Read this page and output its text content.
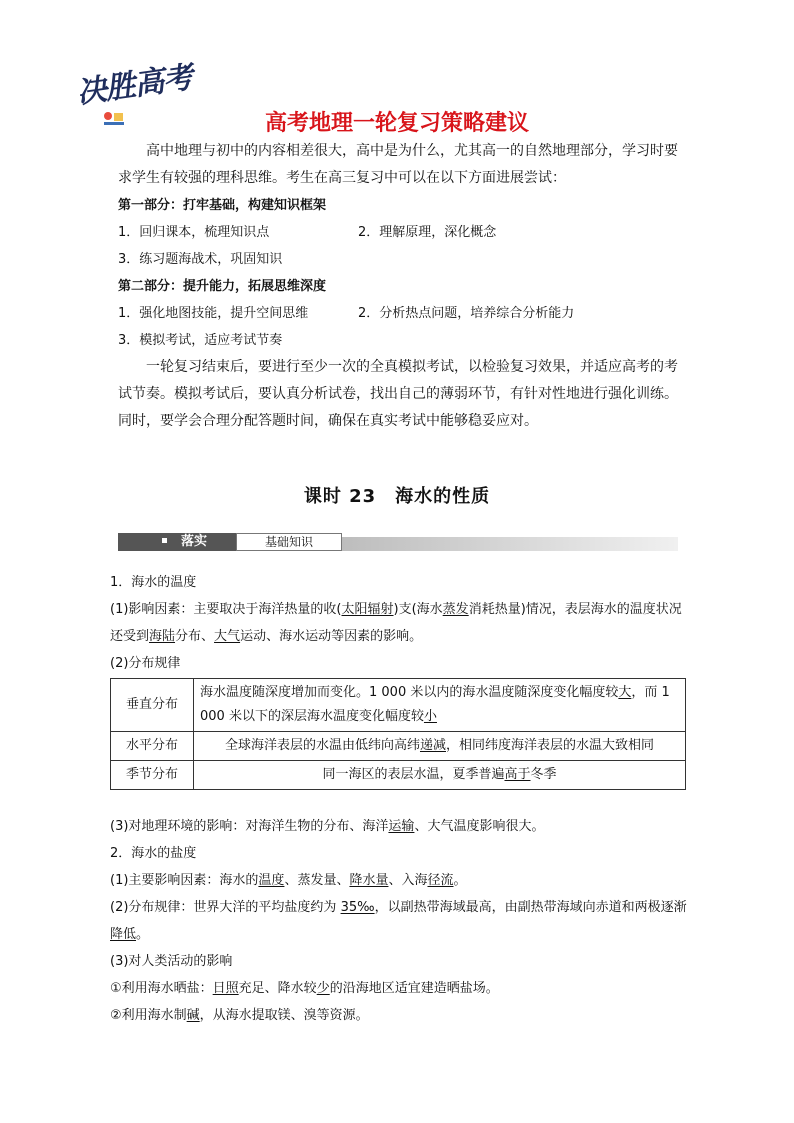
决胜高考
高考地理一轮复习策略建议

高中地理与初中的内容相差很大，高中是为什么，尤其高一的自然地理部分，学习时要求学生有较强的理科思维。考生在高三复习中可以在以下方面进展尝试：

第一部分：打牢基础，构建知识框架

1．回归课本，梳理知识点	2．理解原理，深化概念

3．练习题海战术，巩固知识

第二部分：提升能力，拓展思维深度

1．强化地图技能，提升空间思维	2．分析热点问题，培养综合分析能力

3．模拟考试，适应考试节奏

一轮复习结束后，要进行至少一次的全真模拟考试，以检验复习效果，并适应高考的考试节奏。模拟考试后，要认真分析试卷，找出自己的薄弱环节，有针对性地进行强化训练。同时，要学会合理分配答题时间，确保在真实考试中能够稳妥应对。

课时 23　海水的性质
落实	基础知识

1．海水的温度

(1)影响因素：主要取决于海洋热量的收(太阳辐射)支(海水蒸发消耗热量)情况，表层海水的温度状况还受到海陆分布、大气运动、海水运动等因素的影响。

(2)分布规律

垂直分布	海水温度随深度增加而变化。1 000 米以内的海水温度随深度变化幅度较大，而 1 000 米以下的深层海水温度变化幅度较小
水平分布	全球海洋表层的水温由低纬向高纬递减，相同纬度海洋表层的水温大致相同
季节分布	同一海区的表层水温，夏季普遍高于冬季

(3)对地理环境的影响：对海洋生物的分布、海洋运输、大气温度影响很大。

2．海水的盐度

(1)主要影响因素：海水的温度、蒸发量、降水量、入海径流。

(2)分布规律：世界大洋的平均盐度约为 35‰，以副热带海域最高，由副热带海域向赤道和两极逐渐降低。

(3)对人类活动的影响

①利用海水晒盐：日照充足、降水较少的沿海地区适宜建造晒盐场。

②利用海水制碱，从海水提取镁、溴等资源。
